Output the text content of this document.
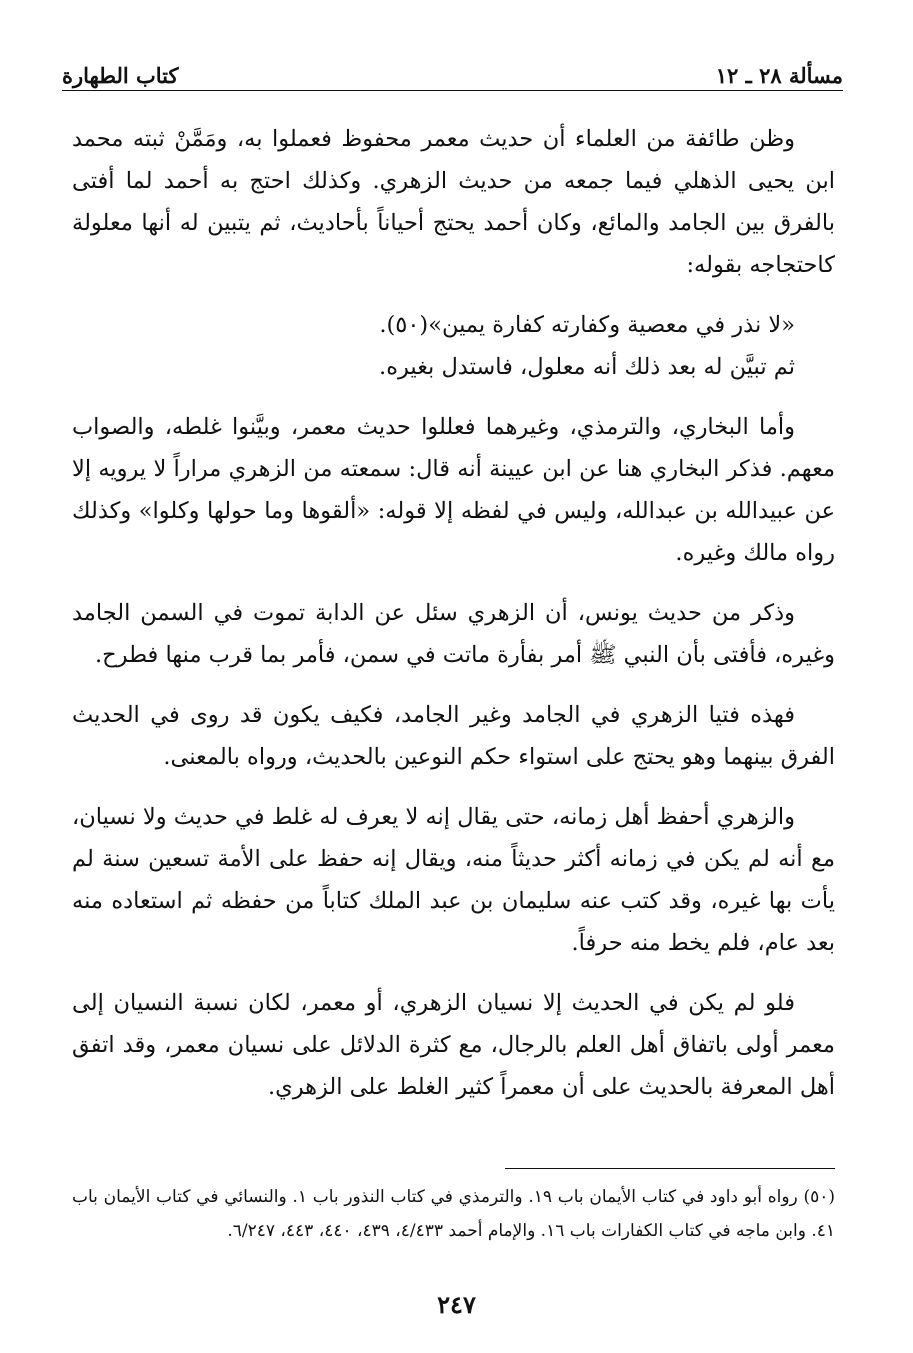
مسألة ٢٨ ـ ١٢
كتاب الطهارة

وظن طائفة من العلماء أن حديث معمر محفوظ فعملوا به، ومَمَّنْ ثبته محمد ابن يحيى الذهلي فيما جمعه من حديث الزهري. وكذلك احتج به أحمد لما أفتى بالفرق بين الجامد والمائع، وكان أحمد يحتج أحياناً بأحاديث، ثم يتبين له أنها معلولة كاحتجاجه بقوله:

«لا نذر في معصية وكفارته كفارة يمين»(٥٠).

ثم تبيَّن له بعد ذلك أنه معلول، فاستدل بغيره.

وأما البخاري، والترمذي، وغيرهما فعللوا حديث معمر، وبيَّنوا غلطه، والصواب معهم. فذكر البخاري هنا عن ابن عيينة أنه قال: سمعته من الزهري مراراً لا يرويه إلا عن عبيدالله بن عبدالله، وليس في لفظه إلا قوله: «ألقوها وما حولها وكلوا» وكذلك رواه مالك وغيره.

وذكر من حديث يونس، أن الزهري سئل عن الدابة تموت في السمن الجامد وغيره، فأفتى بأن النبي ﷺ أمر بفأرة ماتت في سمن، فأمر بما قرب منها فطرح.

فهذه فتيا الزهري في الجامد وغير الجامد، فكيف يكون قد روى في الحديث الفرق بينهما وهو يحتج على استواء حكم النوعين بالحديث، ورواه بالمعنى.

والزهري أحفظ أهل زمانه، حتى يقال إنه لا يعرف له غلط في حديث ولا نسيان، مع أنه لم يكن في زمانه أكثر حديثاً منه، ويقال إنه حفظ على الأمة تسعين سنة لم يأت بها غيره، وقد كتب عنه سليمان بن عبد الملك كتاباً من حفظه ثم استعاده منه بعد عام، فلم يخط منه حرفاً.

فلو لم يكن في الحديث إلا نسيان الزهري، أو معمر، لكان نسبة النسيان إلى معمر أولى باتفاق أهل العلم بالرجال، مع كثرة الدلائل على نسيان معمر، وقد اتفق أهل المعرفة بالحديث على أن معمراً كثير الغلط على الزهري.

(٥٠) رواه أبو داود في كتاب الأيمان باب ١٩. والترمذي في كتاب النذور باب ١. والنسائي في كتاب الأيمان باب ٤١. وابن ماجه في كتاب الكفارات باب ١٦. والإمام أحمد ٤/٤٣٣، ٤٣٩، ٤٤٠، ٤٤٣، ٦/٢٤٧.

٢٤٧
